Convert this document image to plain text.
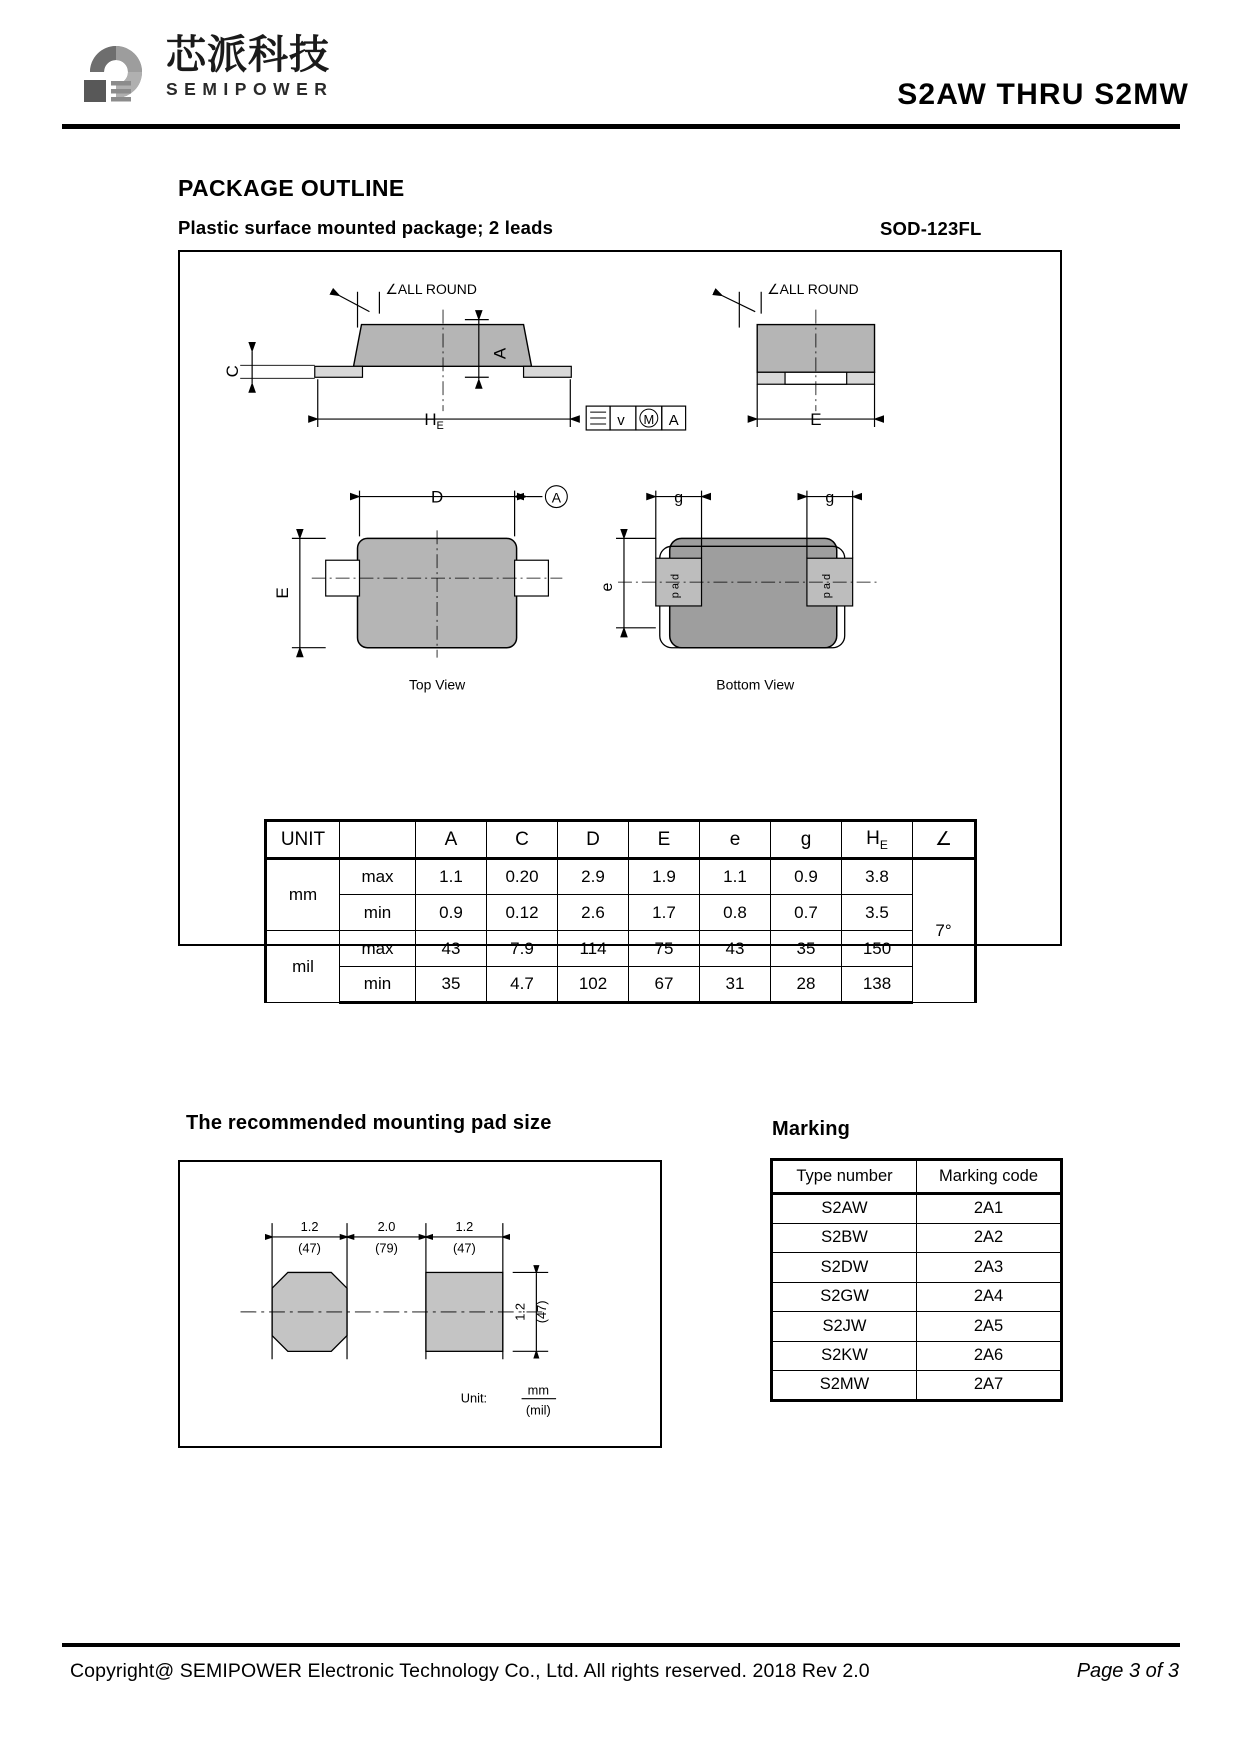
芯派科技
SEMIPOWER	S2AW THRU S2MW
PACKAGE OUTLINE
Plastic surface mounted package; 2 leads	SOD-123FL
∠ALL ROUND	∠ALL ROUND
A
C
$H_E$	E
v M A
D	A
E
Top View
g	g
e	p a d	p a d
Bottom View
UNIT		A	C	D	E	e	g	$H_E$	∠
mm	max	1.1	0.20	2.9	1.9	1.1	0.9	3.8	7°
	min	0.9	0.12	2.6	1.7	0.8	0.7	3.5	
mil	max	43	7.9	114	75	43	35	150	
	min	35	4.7	102	67	31	28	138	
The recommended mounting pad size
1.2
(47)
2.0
(79)
1.2
(47)
1.2 (47)
Unit:
mm
(mil)
Marking
Type number	Marking code
S2AW	2A1
S2BW	2A2
S2DW	2A3
S2GW	2A4
S2JW	2A5
S2KW	2A6
S2MW	2A7
Copyright@ SEMIPOWER Electronic Technology Co., Ltd. All rights reserved. 2018 Rev 2.0	Page 3 of 3
